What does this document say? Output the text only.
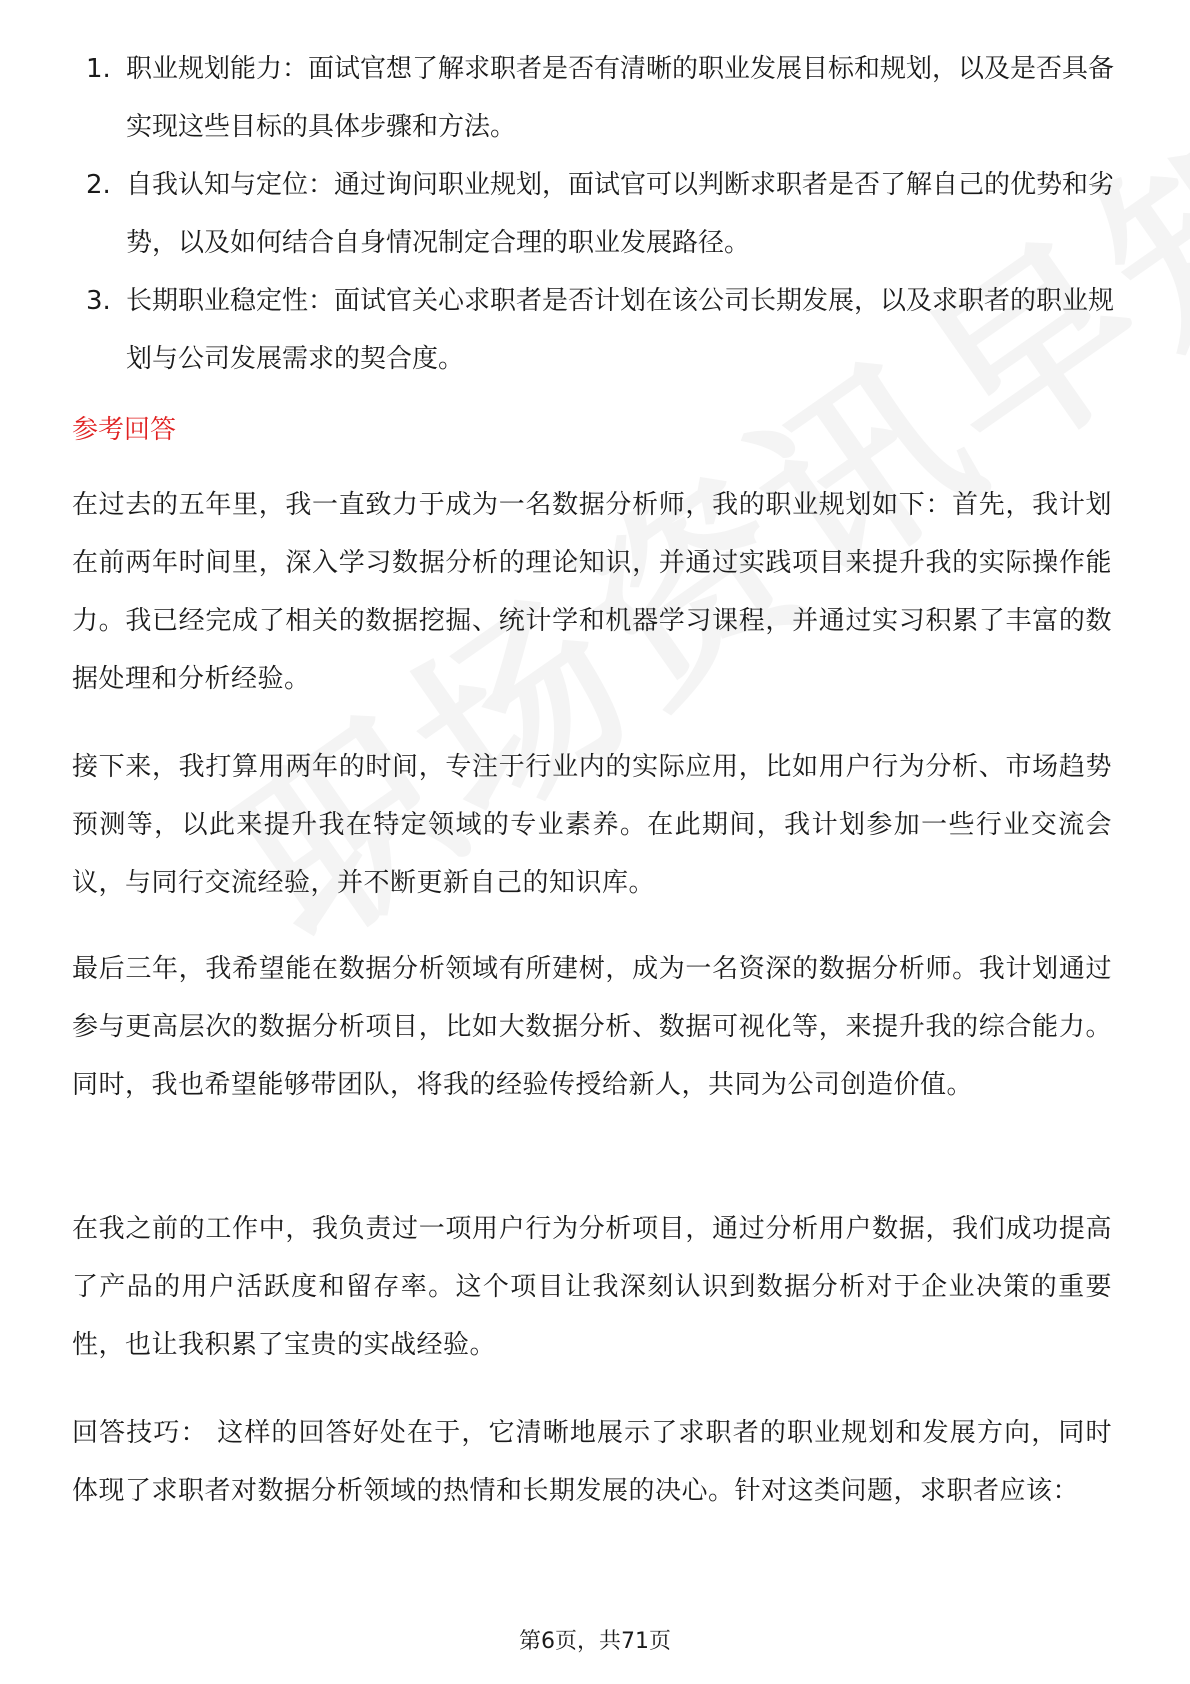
1. 职业规划能力：面试官想了解求职者是否有清晰的职业发展目标和规划，以及是否具备实现这些目标的具体步骤和方法。
2. 自我认知与定位：通过询问职业规划，面试官可以判断求职者是否了解自己的优势和劣势，以及如何结合自身情况制定合理的职业发展路径。
3. 长期职业稳定性：面试官关心求职者是否计划在该公司长期发展，以及求职者的职业规划与公司发展需求的契合度。
参考回答
在过去的五年里，我一直致力于成为一名数据分析师，我的职业规划如下：首先，我计划在前两年时间里，深入学习数据分析的理论知识，并通过实践项目来提升我的实际操作能力。我已经完成了相关的数据挖掘、统计学和机器学习课程，并通过实习积累了丰富的数据处理和分析经验。
接下来，我打算用两年的时间，专注于行业内的实际应用，比如用户行为分析、市场趋势预测等，以此来提升我在特定领域的专业素养。在此期间，我计划参加一些行业交流会议，与同行交流经验，并不断更新自己的知识库。
最后三年，我希望能在数据分析领域有所建树，成为一名资深的数据分析师。我计划通过参与更高层次的数据分析项目，比如大数据分析、数据可视化等，来提升我的综合能力。同时，我也希望能够带团队，将我的经验传授给新人，共同为公司创造价值。
在我之前的工作中，我负责过一项用户行为分析项目，通过分析用户数据，我们成功提高了产品的用户活跃度和留存率。这个项目让我深刻认识到数据分析对于企业决策的重要性，也让我积累了宝贵的实战经验。
回答技巧： 这样的回答好处在于，它清晰地展示了求职者的职业规划和发展方向，同时体现了求职者对数据分析领域的热情和长期发展的决心。针对这类问题，求职者应该：
第6页，共71页
